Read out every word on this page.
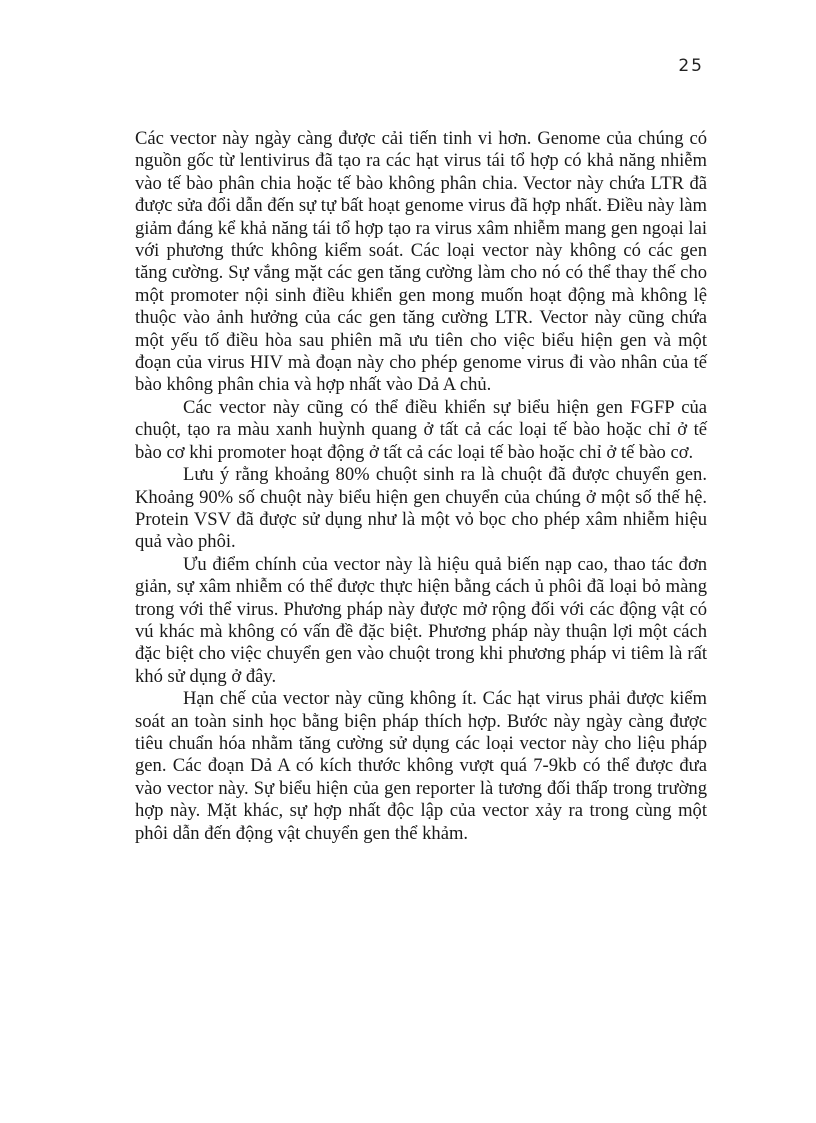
25

Các vector này ngày càng được cải tiến tinh vi hơn. Genome của chúng có nguồn gốc từ lentivirus đã tạo ra các hạt virus tái tổ hợp có khả năng nhiễm vào tế bào phân chia hoặc tế bào không phân chia. Vector này chứa LTR đã được sửa đổi dẫn đến sự tự bất hoạt genome virus đã hợp nhất. Điều này làm giảm đáng kể khả năng tái tổ hợp tạo ra virus xâm nhiễm mang gen ngoại lai với phương thức không kiểm soát. Các loại vector này không có các gen tăng cường. Sự vắng mặt các gen tăng cường làm cho nó có thể thay thế cho một promoter nội sinh điều khiển gen mong muốn hoạt động mà không lệ thuộc vào ảnh hưởng của các gen tăng cường LTR. Vector này cũng chứa một yếu tố điều hòa sau phiên mã ưu tiên cho việc biểu hiện gen và một đoạn của virus HIV mà đoạn này cho phép genome virus đi vào nhân của tế bào không phân chia và hợp nhất vào Dả A chủ.

Các vector này cũng có thể điều khiển sự biểu hiện gen FGFP của chuột, tạo ra màu xanh huỳnh quang ở tất cả các loại tế bào hoặc chỉ ở tế bào cơ khi promoter hoạt động ở tất cả các loại tế bào hoặc chỉ ở tế bào cơ.

Lưu ý rằng khoảng 80% chuột sinh ra là chuột đã được chuyển gen. Khoảng 90% số chuột này biểu hiện gen chuyển của chúng ở một số thế hệ. Protein VSV đã được sử dụng như là một vỏ bọc cho phép xâm nhiễm hiệu quả vào phôi.

Ưu điểm chính của vector này là hiệu quả biến nạp cao, thao tác đơn giản, sự xâm nhiễm có thể được thực hiện bằng cách ủ phôi đã loại bỏ màng trong với thể virus. Phương pháp này được mở rộng đối với các động vật có vú khác mà không có vấn đề đặc biệt. Phương pháp này thuận lợi một cách đặc biệt cho việc chuyển gen vào chuột trong khi phương pháp vi tiêm là rất khó sử dụng ở đây.

Hạn chế của vector này cũng không ít. Các hạt virus phải được kiểm soát an toàn sinh học bằng biện pháp thích hợp. Bước này ngày càng được tiêu chuẩn hóa nhằm tăng cường sử dụng các loại vector này cho liệu pháp gen. Các đoạn Dả A có kích thước không vượt quá 7-9kb có thể được đưa vào vector này. Sự biểu hiện của gen reporter là tương đối thấp trong trường hợp này. Mặt khác, sự hợp nhất độc lập của vector xảy ra trong cùng một phôi dẫn đến động vật chuyển gen thể khảm.
